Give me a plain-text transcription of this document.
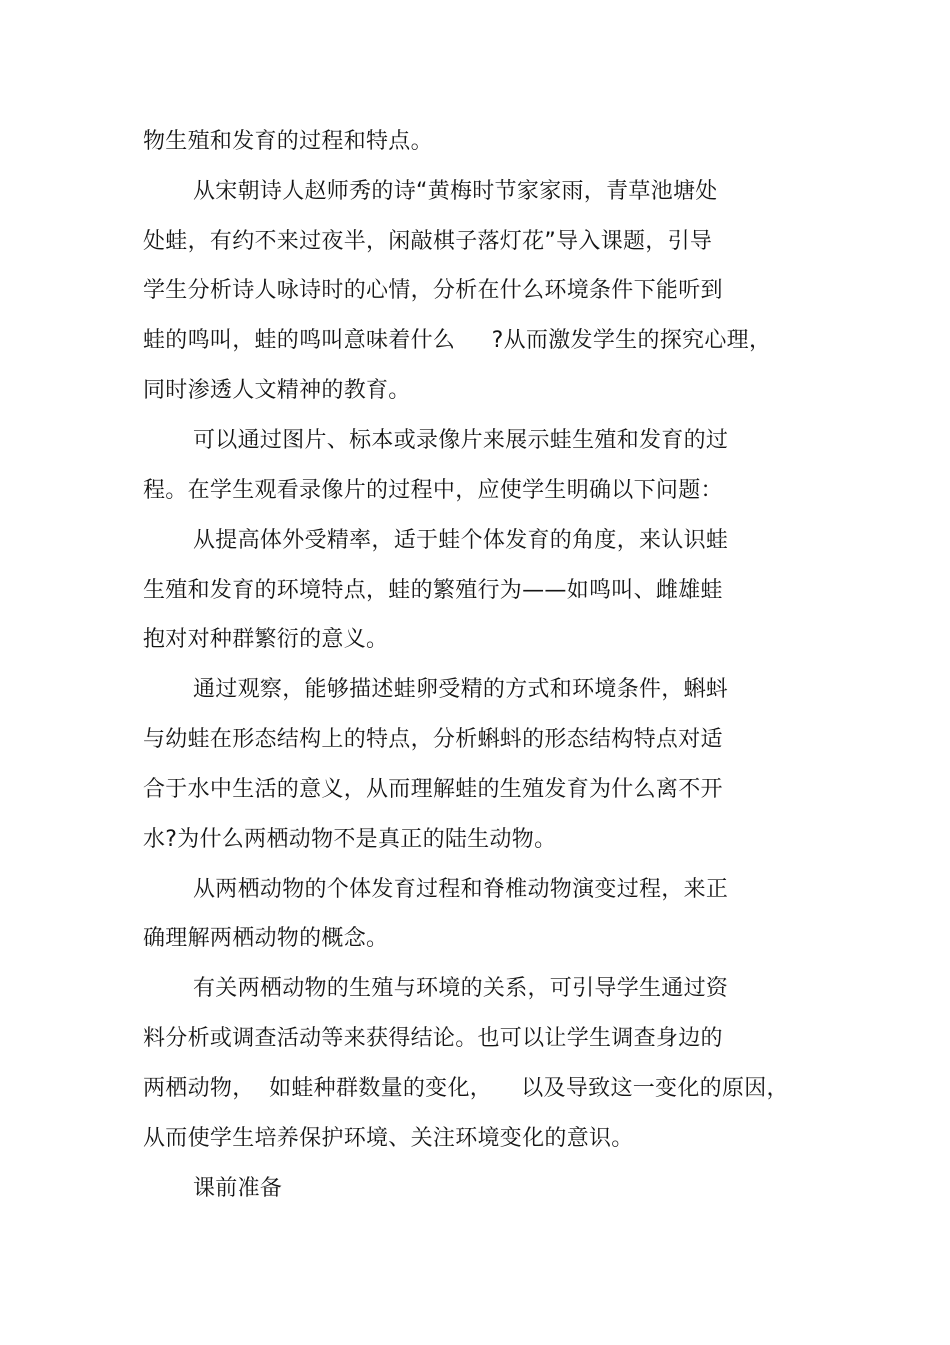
物生殖和发育的过程和特点。

从宋朝诗人赵师秀的诗“黄梅时节家家雨，青草池塘处

处蛙，有约不来过夜半，闲敲棋子落灯花”导入课题，引导

学生分析诗人咏诗时的心情，分析在什么环境条件下能听到

蛙的鸣叫，蛙的鸣叫意味着什么     ?从而激发学生的探究心理，

同时渗透人文精神的教育。

可以通过图片、标本或录像片来展示蛙生殖和发育的过

程。在学生观看录像片的过程中，应使学生明确以下问题：

从提高体外受精率，适于蛙个体发育的角度，来认识蛙

生殖和发育的环境特点，蛙的繁殖行为——如鸣叫、雌雄蛙

抱对对种群繁衍的意义。

通过观察，能够描述蛙卵受精的方式和环境条件，蝌蚪

与幼蛙在形态结构上的特点，分析蝌蚪的形态结构特点对适

合于水中生活的意义，从而理解蛙的生殖发育为什么离不开

水?为什么两栖动物不是真正的陆生动物。

从两栖动物的个体发育过程和脊椎动物演变过程，来正

确理解两栖动物的概念。

有关两栖动物的生殖与环境的关系，可引导学生通过资

料分析或调查活动等来获得结论。也可以让学生调查身边的

两栖动物，  如蛙种群数量的变化，    以及导致这一变化的原因，

从而使学生培养保护环境、关注环境变化的意识。

课前准备
